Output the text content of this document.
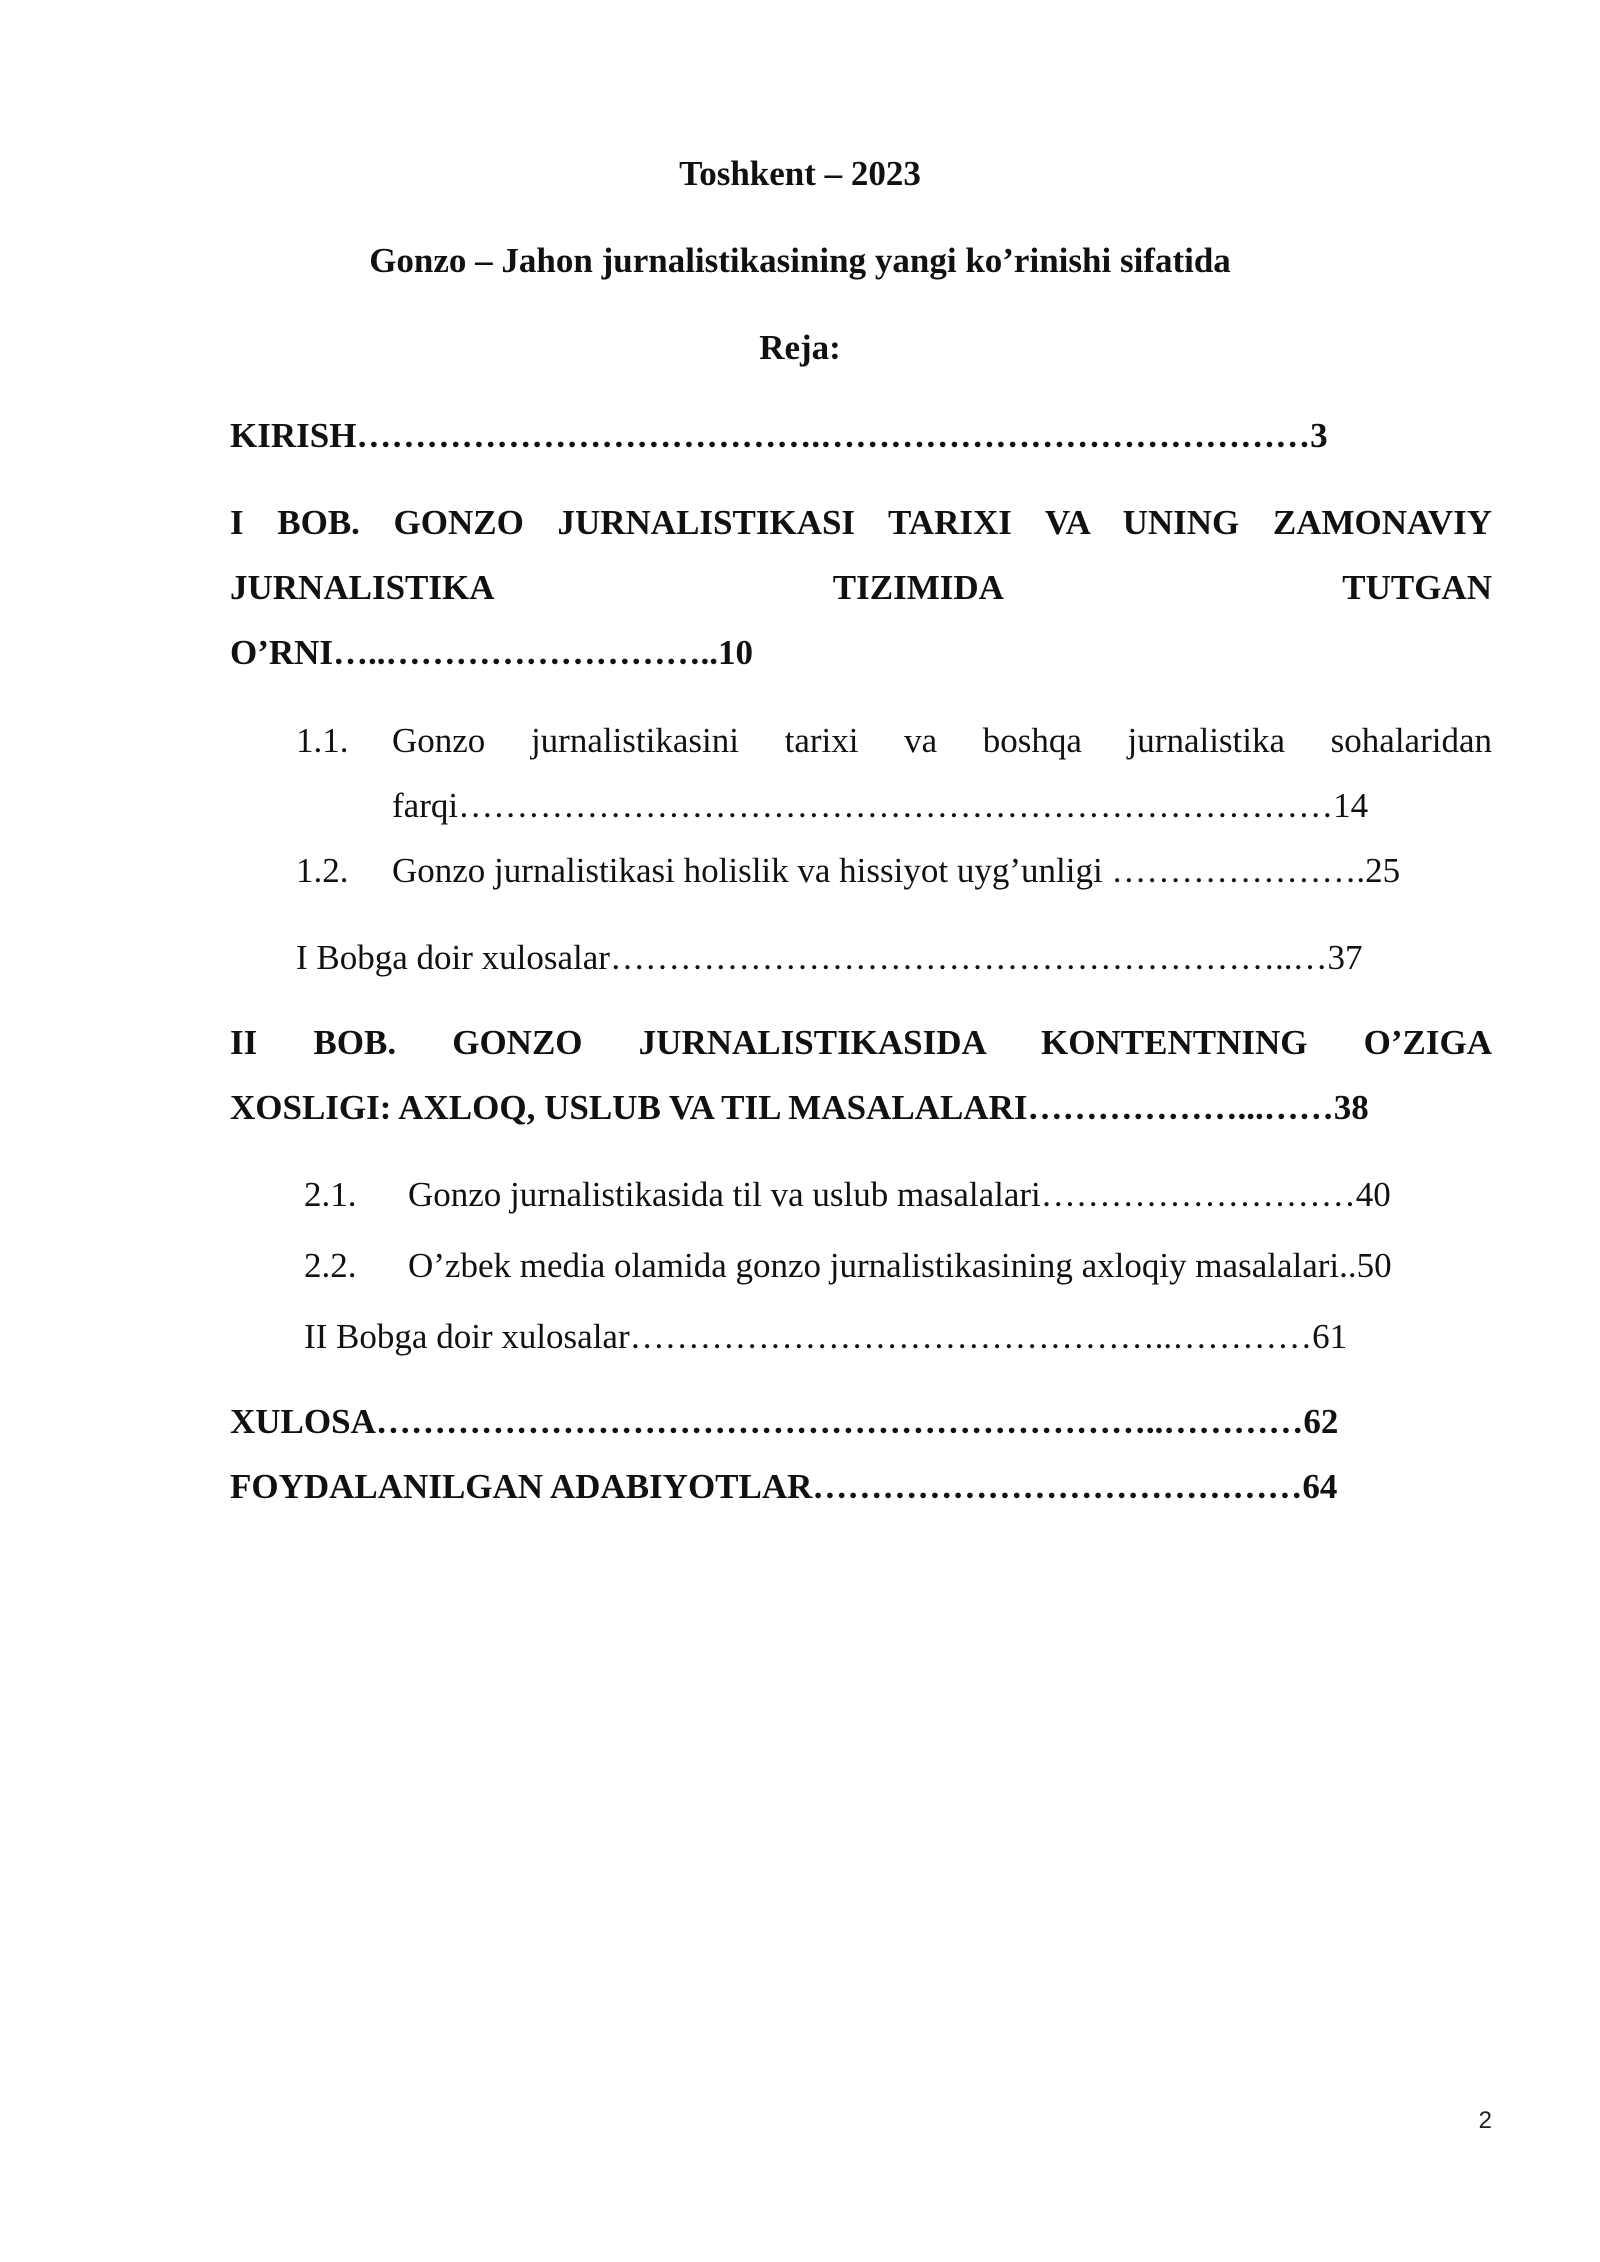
Toshkent – 2023
Gonzo – Jahon jurnalistikasining yangi ko’rinishi sifatida
Reja:
KIRISH………………………………….……………………………………3
I BOB. GONZO JURNALISTIKASI TARIXI VA UNING ZAMONAVIY
JURNALISTIKA	TIZIMIDA	TUTGAN
O’RNI…..………………………..10
1.1. Gonzo jurnalistikasini tarixi va boshqa jurnalistika sohalaridan
farqi…………………………………………………………………14
1.2. Gonzo jurnalistikasi holislik va hissiyot uyg’unligi ………………….25
I Bobga doir xulosalar…………………………………………………..…37
II BOB. GONZO JURNALISTIKASIDA KONTENTNING O’ZIGA
XOSLIGI: AXLOQ, USLUB VA TIL MASALALARI………………...……38
2.1. Gonzo jurnalistikasida til va uslub masalalari………………………40
2.2. O’zbek media olamida gonzo jurnalistikasining axloqiy masalalari..50
II Bobga doir xulosalar………………………………………..…………61
XULOSA…………………………………………………………..…………62
FOYDALANILGAN ADABIYOTLAR……………………………………64
2
